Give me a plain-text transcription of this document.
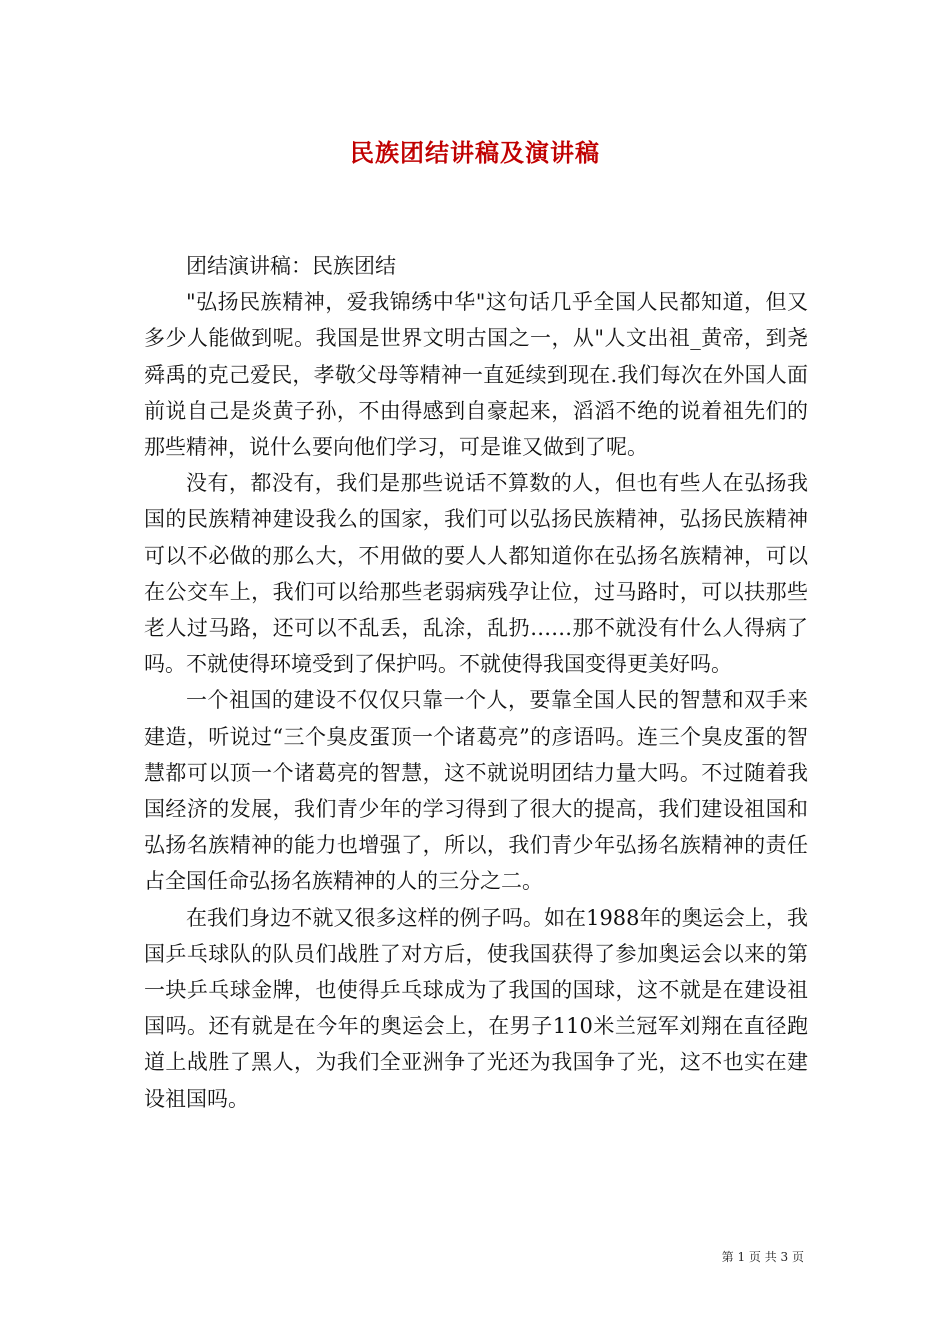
民族团结讲稿及演讲稿

团结演讲稿：民族团结

"弘扬民族精神，爱我锦绣中华"这句话几乎全国人民都知道，但又多少人能做到呢。我国是世界文明古国之一，从"人文出祖_黄帝，到尧舜禹的克己爱民，孝敬父母等精神一直延续到现在.我们每次在外国人面前说自己是炎黄子孙，不由得感到自豪起来，滔滔不绝的说着祖先们的那些精神，说什么要向他们学习，可是谁又做到了呢。

没有，都没有，我们是那些说话不算数的人，但也有些人在弘扬我国的民族精神建设我么的国家，我们可以弘扬民族精神，弘扬民族精神可以不必做的那么大，不用做的要人人都知道你在弘扬名族精神，可以在公交车上，我们可以给那些老弱病残孕让位，过马路时，可以扶那些老人过马路，还可以不乱丢，乱涂，乱扔……那不就没有什么人得病了吗。不就使得环境受到了保护吗。不就使得我国变得更美好吗。

一个祖国的建设不仅仅只靠一个人，要靠全国人民的智慧和双手来建造，听说过“三个臭皮蛋顶一个诸葛亮”的彦语吗。连三个臭皮蛋的智慧都可以顶一个诸葛亮的智慧，这不就说明团结力量大吗。不过随着我国经济的发展，我们青少年的学习得到了很大的提高，我们建设祖国和弘扬名族精神的能力也增强了，所以，我们青少年弘扬名族精神的责任占全国任命弘扬名族精神的人的三分之二。

在我们身边不就又很多这样的例子吗。如在1988年的奥运会上，我国乒乓球队的队员们战胜了对方后，使我国获得了参加奥运会以来的第一块乒乓球金牌，也使得乒乓球成为了我国的国球，这不就是在建设祖国吗。还有就是在今年的奥运会上，在男子110米兰冠军刘翔在直径跑道上战胜了黑人，为我们全亚洲争了光还为我国争了光，这不也实在建设祖国吗。

第 1 页 共 3 页
